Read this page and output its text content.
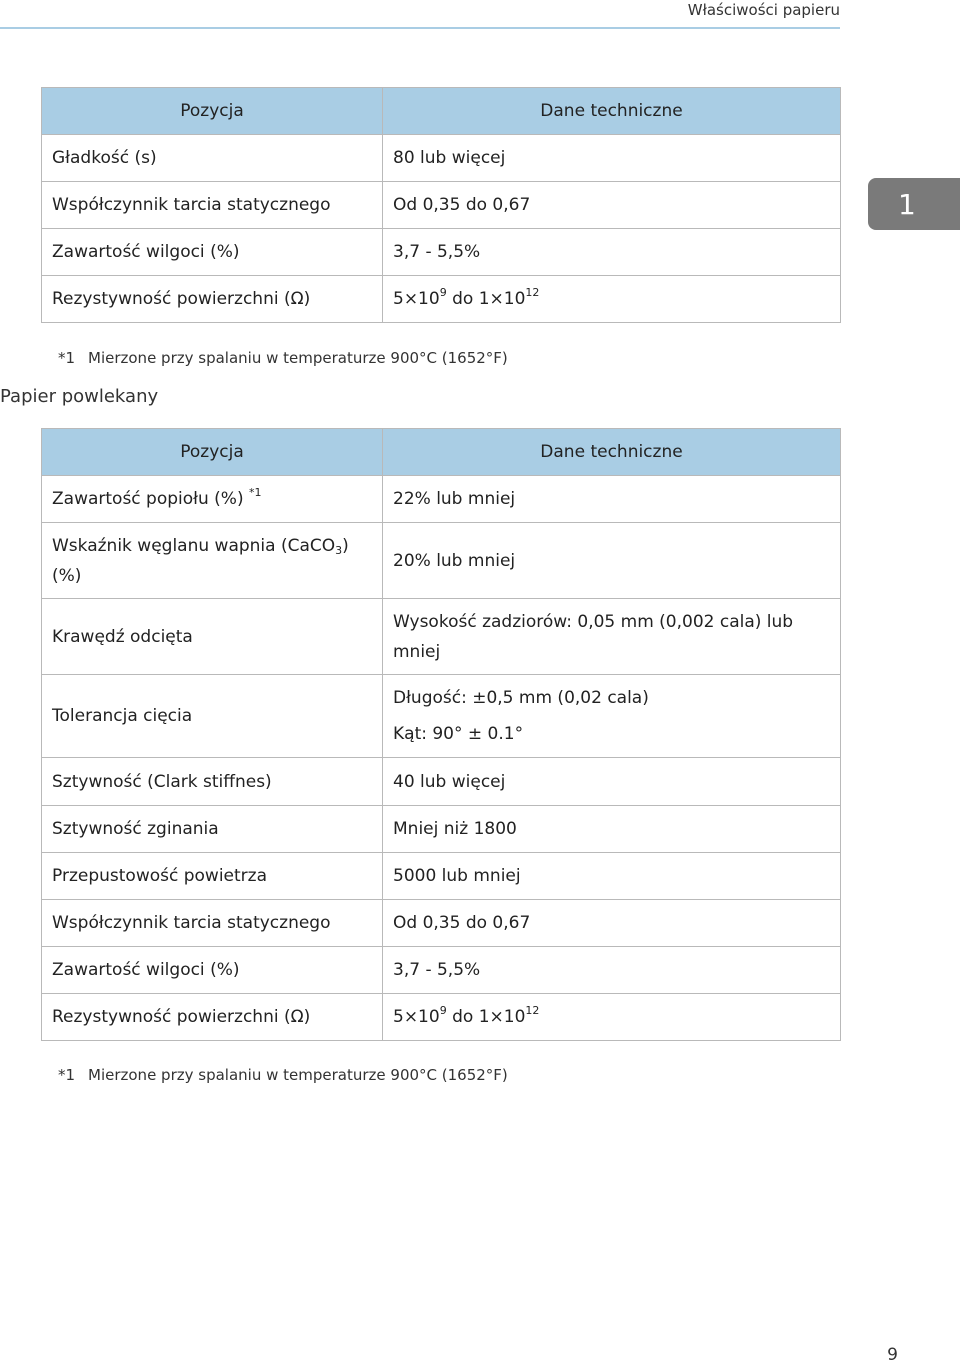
Właściwości papieru
1
Pozycja	Dane techniczne
Gładkość (s)	80 lub więcej
Współczynnik tarcia statycznego	Od 0,35 do 0,67
Zawartość wilgoci (%)	3,7 - 5,5%
Rezystywność powierzchni (Ω)	$5\times 10^9$ do $1\times 10^{12}$
*1 Mierzone przy spalaniu w temperaturze 900°C (1652°F)
Papier powlekany
Pozycja	Dane techniczne
Zawartość popiołu (%) $^{*1}$	22% lub mniej
Wskaźnik węglanu wapnia (CaCO$_3$) (%)	20% lub mniej
Krawędź odcięta	Wysokość zadziorów: 0,05 mm (0,002 cala) lub mniej
Tolerancja cięcia	Długość: ±0,5 mm (0,02 cala)
Kąt: 90° ± 0.1°

Sztywność (Clark stiffnes)	40 lub więcej
Sztywność zginania	Mniej niż 1800
Przepustowość powietrza	5000 lub mniej
Współczynnik tarcia statycznego	Od 0,35 do 0,67
Zawartość wilgoci (%)	3,7 - 5,5%
Rezystywność powierzchni (Ω)	$5\times 10^9$ do $1\times 10^{12}$
*1 Mierzone przy spalaniu w temperaturze 900°C (1652°F)
9
